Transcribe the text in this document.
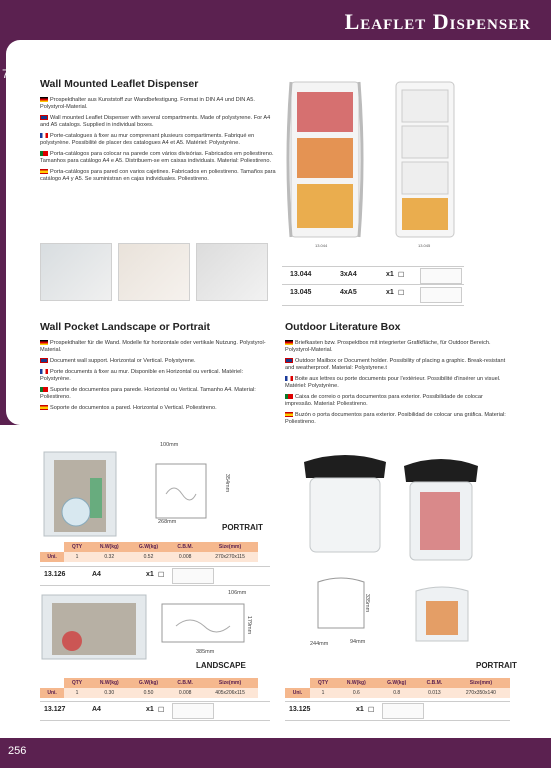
Leaflet Dispenser
7
Wall Mounted Leaflet Dispenser

Prospekthalter aus Kunststoff zur Wandbefestigung. Format in DIN A4 und DIN A5. Polystyrol-Material.

Wall mounted Leaflet Dispenser with several compartments. Made of polystyrene. For A4 and A5 catalogs. Supplied in individual boxes.

Porte-catalogues à fixer au mur comprenant plusieurs compartiments. Fabriqué en polystyrène. Possibilité de placer des catalogues A4 et A5. Matériel: Polystyrène.

Porta-catálogos para colocar na parede com vários divisórias. Fabricados em poliestireno. Tamanhos para catálogo A4 e A5. Distribuem-se em caixas individuais. Material: Poliestireno.

Porta-catálogos para pared con varios cajetines. Fabricados en poliestireno. Tamaños para catálogo A4 y A5. Se suministran en cajas individuales. Poliestireno.

13.044	13.045
13.044	3xA4	x1 ☐
13.045	4xA5	x1 ☐
Wall Pocket Landscape or Portrait

Prospekthalter für die Wand. Modelle für horizontale oder vertikale Nutzung. Polystyrol-Material.

Document wall support. Horizontal or Vertical. Polystyrene.

Porte documents à fixer au mur. Disponible en Horizontal ou vertical. Matériel: Polystyrène.

Suporte de documentos para parede. Horizontal ou Vertical. Tamanho A4. Material: Poliestireno.

Soporte de documentos a pared. Horizontal o Vertical. Poliestireno.

100mm
354mm
268mm
PORTRAIT
	QTY	N.W(kg)	G.W(kg)	C.B.M.	Size(mm)
Uni.	1	0.32	0.52	0.008	270x270x115
13.126	A4	x1 ☐
106mm
179mm
385mm
LANDSCAPE
	QTY	N.W(kg)	G.W(kg)	C.B.M.	Size(mm)
Uni.	1	0.30	0.50	0.008	405x206x115
13.127	A4	x1 ☐
Outdoor Literature Box

Briefkasten bzw. Prospektbox mit integrierter Grafikfläche, für Outdoor Bereich. Polystyrol-Material.

Outdoor Mailbox or Document holder. Possibility of placing a graphic. Break-resistant and weatherproof. Material: Polystyrene.t

Boite aux lettres ou porte documents pour l'extérieur. Possibilité d'insérer un visuel. Matériel: Polystyrène.

Caixa de correio o porta documentos para exterior. Possibilidade de colocar impressão. Material: Poliestireno.

Buzón o porta documentos para exterior. Posibilidad de colocar una gráfica. Material: Poliestireno.

335mm
244mm	94mm
PORTRAIT
	QTY	N.W(kg)	G.W(kg)	C.B.M.	Size(mm)
Uni.	1	0.6	0.8	0.013	270x350x140
13.125	x1 ☐
256
